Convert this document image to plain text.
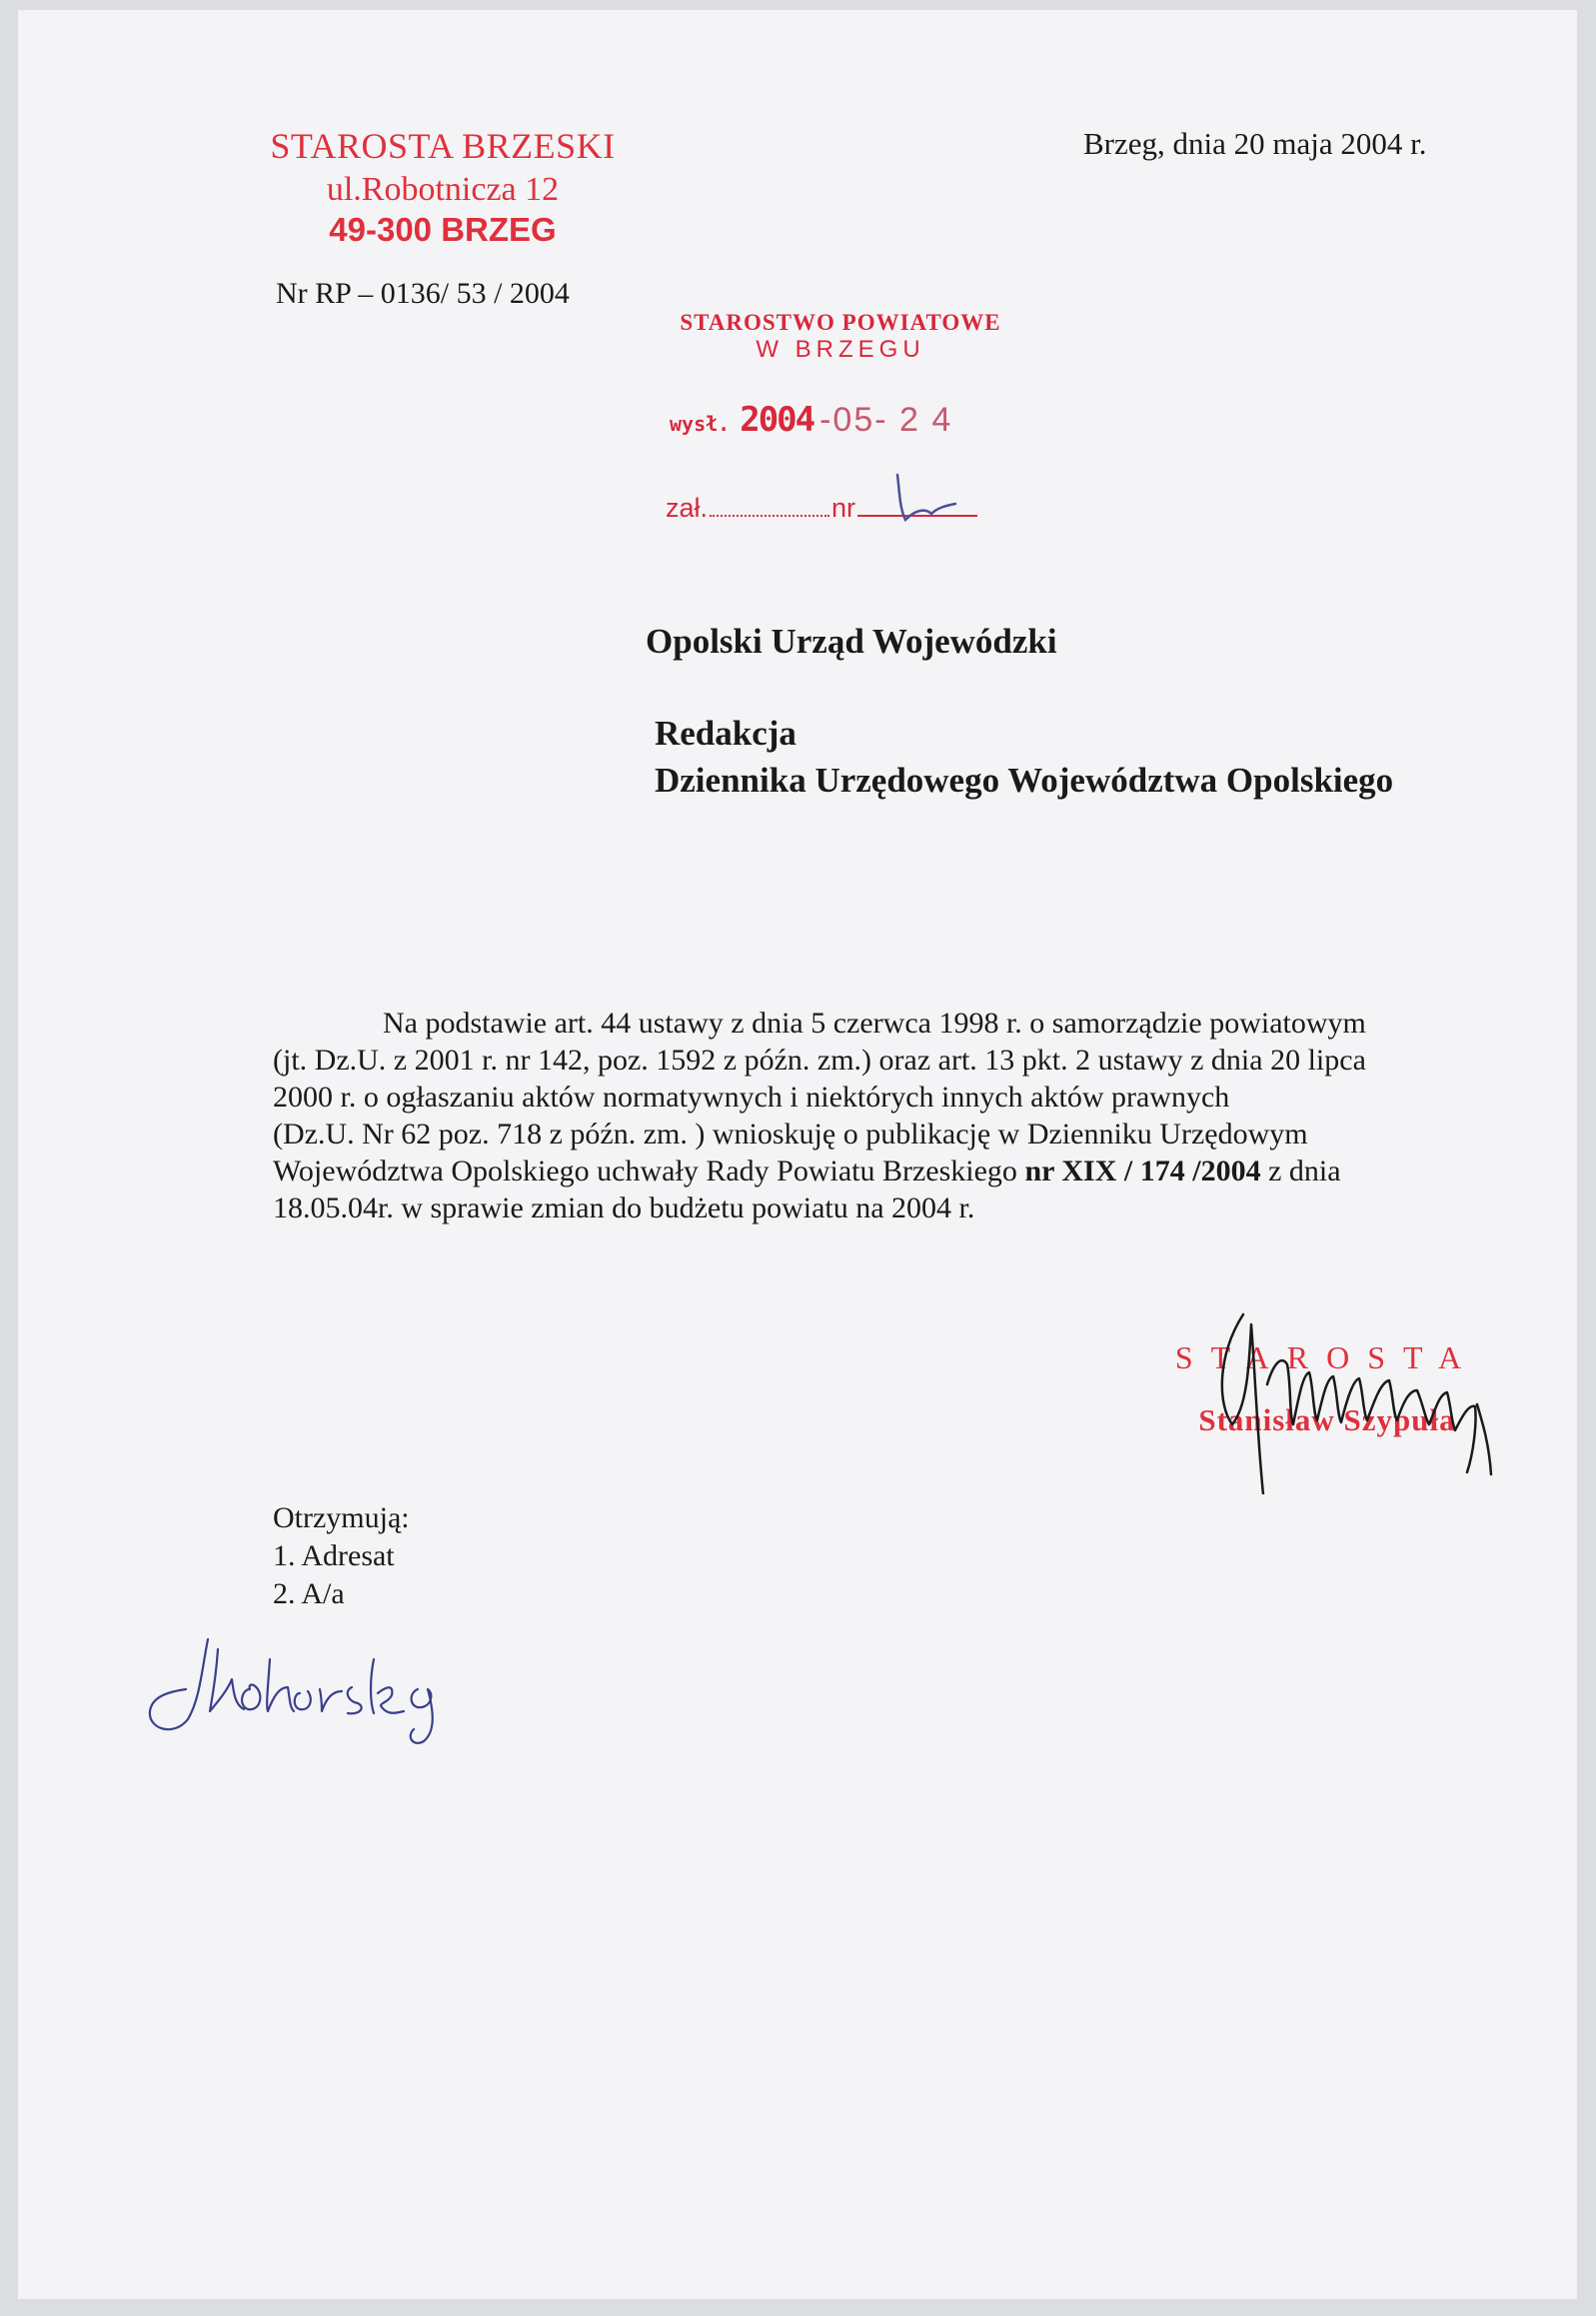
STAROSTA BRZESKI
ul.Robotnicza 12
49-300 BRZEG
Brzeg, dnia 20 maja 2004 r.
Nr RP – 0136/ 53 / 2004
STAROSTWO POWIATOWE
W BRZEGU
wysł. 2004 -05- 2 4
zał.	nr
Opolski Urząd Wojewódzki
Redakcja
Dziennika Urzędowego Województwa Opolskiego

Na podstawie art. 44 ustawy z dnia 5 czerwca 1998 r. o samorządzie powiatowym

(jt. Dz.U. z 2001 r. nr 142, poz. 1592 z późn. zm.) oraz art. 13 pkt. 2 ustawy z dnia 20 lipca

2000 r. o ogłaszaniu aktów normatywnych i niektórych innych aktów prawnych

(Dz.U. Nr 62 poz. 718 z późn. zm. ) wnioskuję o publikację w Dzienniku Urzędowym

Województwa Opolskiego uchwały Rady Powiatu Brzeskiego nr XIX / 174 /2004 z dnia

18.05.04r. w sprawie zmian do budżetu powiatu na 2004 r.

STAROSTA
Stanisław Szypuła
Otrzymują:
1. Adresat
2. A/a
